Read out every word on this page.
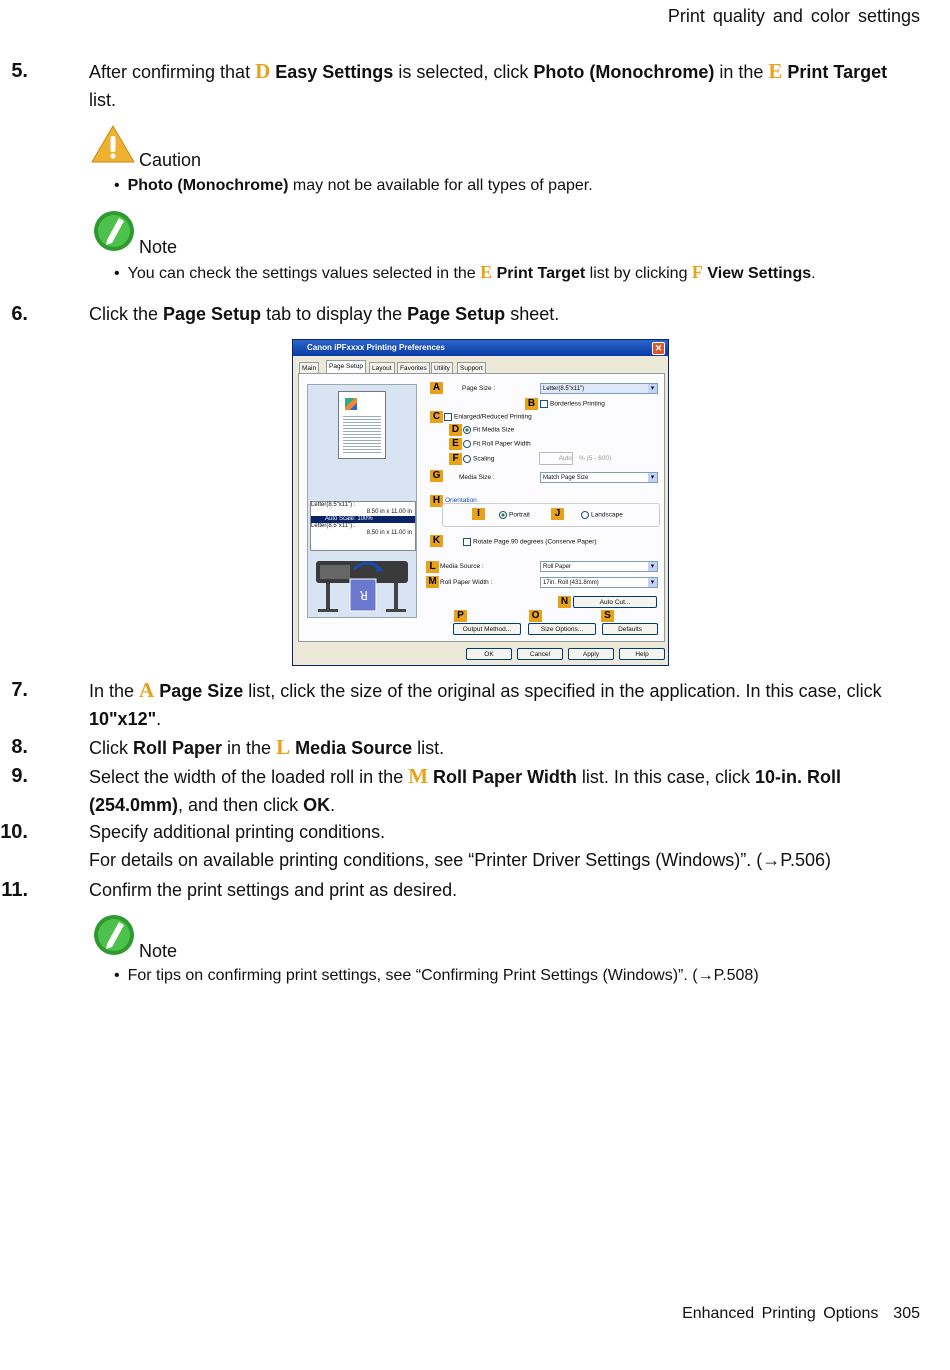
Print quality and color settings
5.	After confirming that D Easy Settings is selected, click Photo (Monochrome) in the E Print Target list.
Caution
• Photo (Monochrome) may not be available for all types of paper.
Note
• You can check the settings values selected in the E Print Target list by clicking F View Settings.
6.	Click the Page Setup tab to display the Page Setup sheet.
Canon iPFxxxx Printing Preferences	✕
Main	Page Setup	Layout	Favorites	Utility	Support
Letter(8.5"x11") :
8.50 in x 11.00 in
Auto Scale: 100%
Letter(8.5"x11") :
8.50 in x 11.00 in
R
A	Page Size :	Letter(8.5"x11") ▾
B	Borderless Printing
C	Enlarged/Reduced Printing
D	Fit Media Size
E	Fit Roll Paper Width
F	Scaling	Auto % (5 - 600)
G	Media Size :	Match Page Size ▾
H Orientation
I	Portrait	J	Landscape
K	Rotate Page 90 degrees (Conserve Paper)
L Media Source :	Roll Paper ▾
M Roll Paper Width :	17in. Roll (431.8mm) ▾
N	Auto Cut...
P	O	S
Output Method...	Size Options...	Defaults
OK	Cancel	Apply	Help
7.	In the A Page Size list, click the size of the original as specified in the application. In this case, click 10"x12".
8.	Click Roll Paper in the L Media Source list.
9.	Select the width of the loaded roll in the M Roll Paper Width list. In this case, click 10-in. Roll (254.0mm), and then click OK.
10.	Specify additional printing conditions.
For details on available printing conditions, see “Printer Driver Settings (Windows)”. (→P.506)
11.	Confirm the print settings and print as desired.
Note
• For tips on confirming print settings, see “Confirming Print Settings (Windows)”. (→P.508)
Enhanced Printing Options 305
